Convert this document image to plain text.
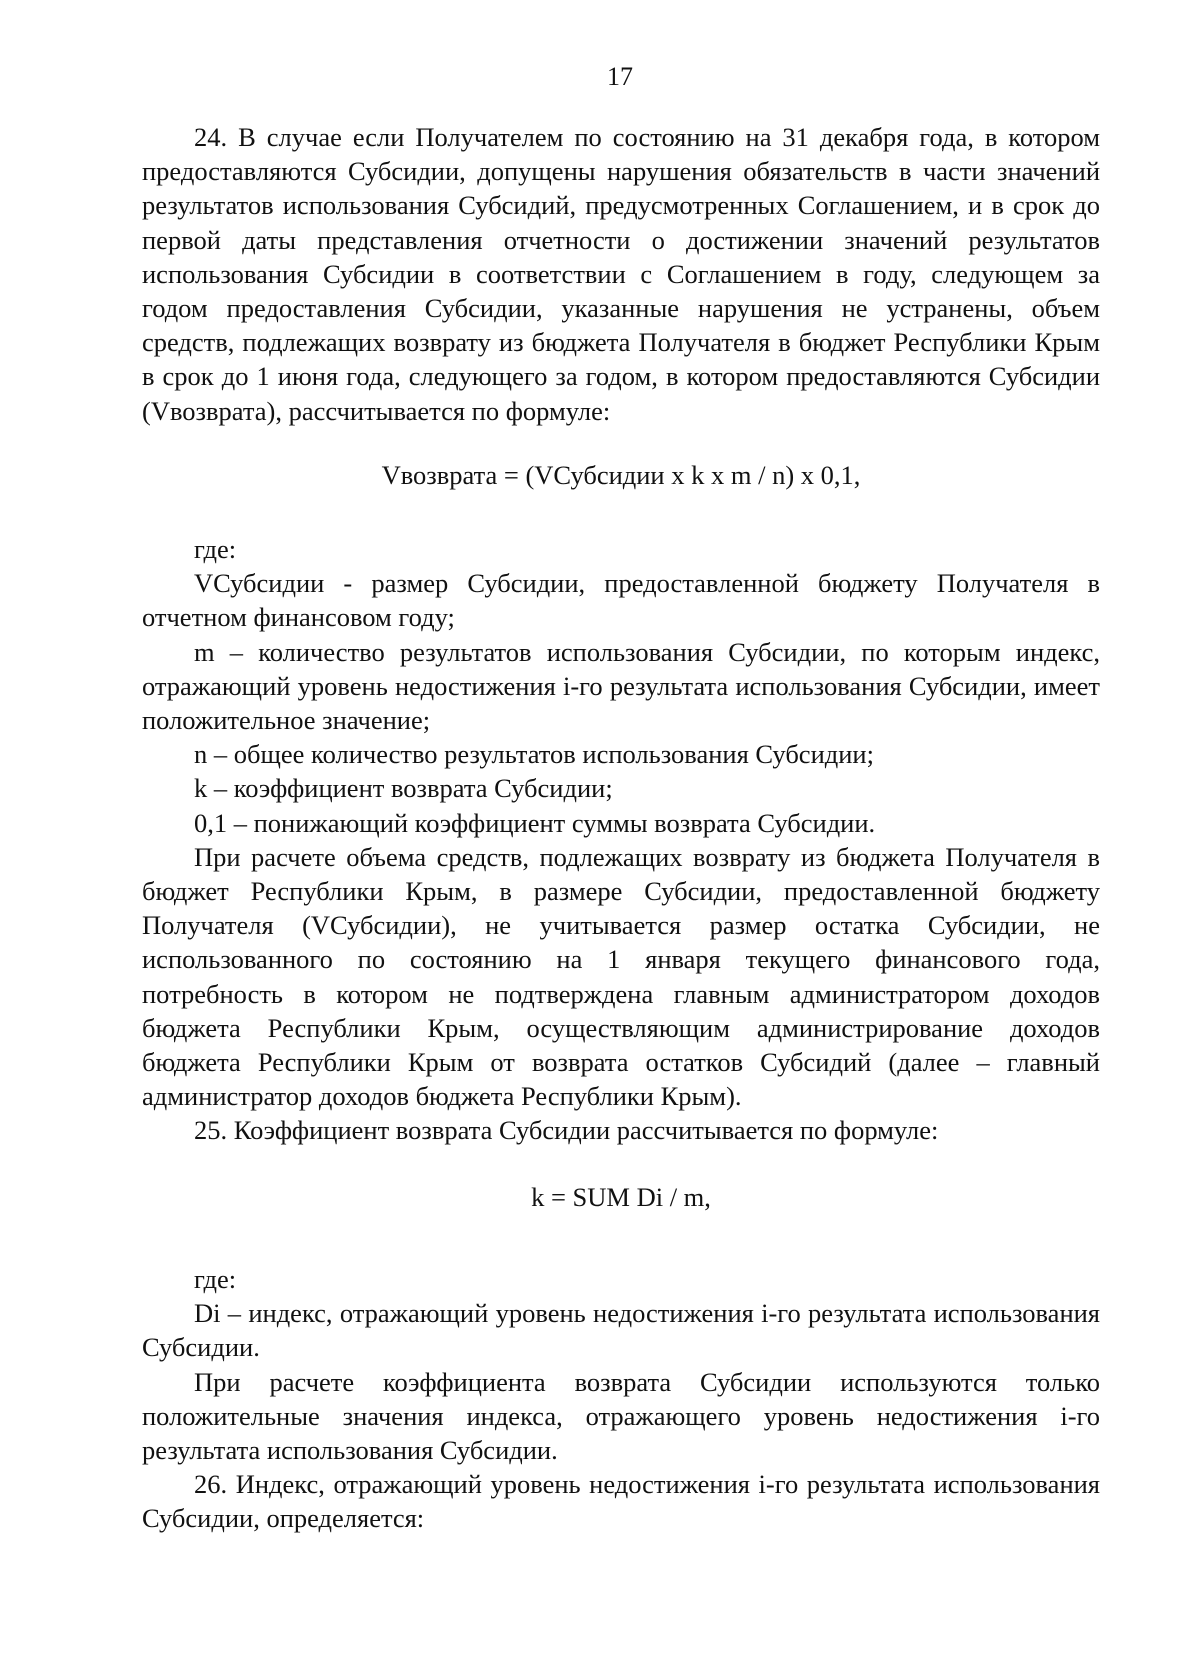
17

24. В случае если Получателем по состоянию на 31 декабря года, в котором предоставляются Субсидии, допущены нарушения обязательств в части значений результатов использования Субсидий, предусмотренных Соглашением, и в срок до первой даты представления отчетности о достижении значений результатов использования Субсидии в соответствии с Соглашением в году, следующем за годом предоставления Субсидии, указанные нарушения не устранены, объем средств, подлежащих возврату из бюджета Получателя в бюджет Республики Крым в срок до 1 июня года, следующего за годом, в котором предоставляются Субсидии (Vвозврата), рассчитывается по формуле:

Vвозврата = (VСубсидии x k x m / n) x 0,1,

где:

VСубсидии - размер Субсидии, предоставленной бюджету Получателя в отчетном финансовом году;

m – количество результатов использования Субсидии, по которым индекс, отражающий уровень недостижения i-го результата использования Субсидии, имеет положительное значение;

n – общее количество результатов использования Субсидии;

k – коэффициент возврата Субсидии;

0,1 – понижающий коэффициент суммы возврата Субсидии.

При расчете объема средств, подлежащих возврату из бюджета Получателя в бюджет Республики Крым, в размере Субсидии, предоставленной бюджету Получателя (VСубсидии), не учитывается размер остатка Субсидии, не использованного по состоянию на 1 января текущего финансового года, потребность в котором не подтверждена главным администратором доходов бюджета Республики Крым, осуществляющим администрирование доходов бюджета Республики Крым от возврата остатков Субсидий (далее – главный администратор доходов бюджета Республики Крым).

25. Коэффициент возврата Субсидии рассчитывается по формуле:

k = SUM Di / m,

где:

Di – индекс, отражающий уровень недостижения i-го результата использования Субсидии.

При расчете коэффициента возврата Субсидии используются только положительные значения индекса, отражающего уровень недостижения i-го результата использования Субсидии.

26. Индекс, отражающий уровень недостижения i-го результата использования Субсидии, определяется:
